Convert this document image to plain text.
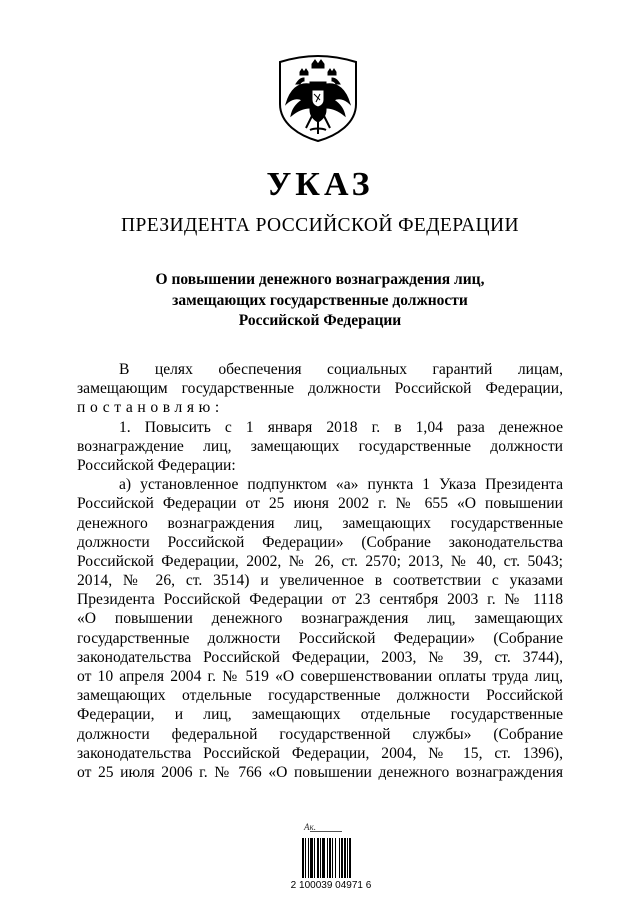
УКАЗ
ПРЕЗИДЕНТА РОССИЙСКОЙ ФЕДЕРАЦИИ
О повышении денежного вознаграждения лиц,
замещающих государственные должности
Российской Федерации
В целях обеспечения социальных гарантий лицам,
замещающим государственные должности Российской Федерации,
постановляю:
1. Повысить с 1 января 2018 г. в 1,04 раза денежное
вознаграждение лиц, замещающих государственные должности
Российской Федерации:
а) установленное подпунктом «а» пункта 1 Указа Президента
Российской Федерации от 25 июня 2002 г. № 655 «О повышении
денежного вознаграждения лиц, замещающих государственные
должности Российской Федерации» (Собрание законодательства
Российской Федерации, 2002, № 26, ст. 2570; 2013, № 40, ст. 5043;
2014, № 26, ст. 3514) и увеличенное в соответствии с указами
Президента Российской Федерации от 23 сентября 2003 г. № 1118
«О повышении денежного вознаграждения лиц, замещающих
государственные должности Российской Федерации» (Собрание
законодательства Российской Федерации, 2003, № 39, ст. 3744),
от 10 апреля 2004 г. № 519 «О совершенствовании оплаты труда лиц,
замещающих отдельные государственные должности Российской
Федерации, и лиц, замещающих отдельные государственные
должности федеральной государственной службы» (Собрание
законодательства Российской Федерации, 2004, № 15, ст. 1396),
от 25 июля 2006 г. № 766 «О повышении денежного вознаграждения
Ак.
2 100039 04971 6
